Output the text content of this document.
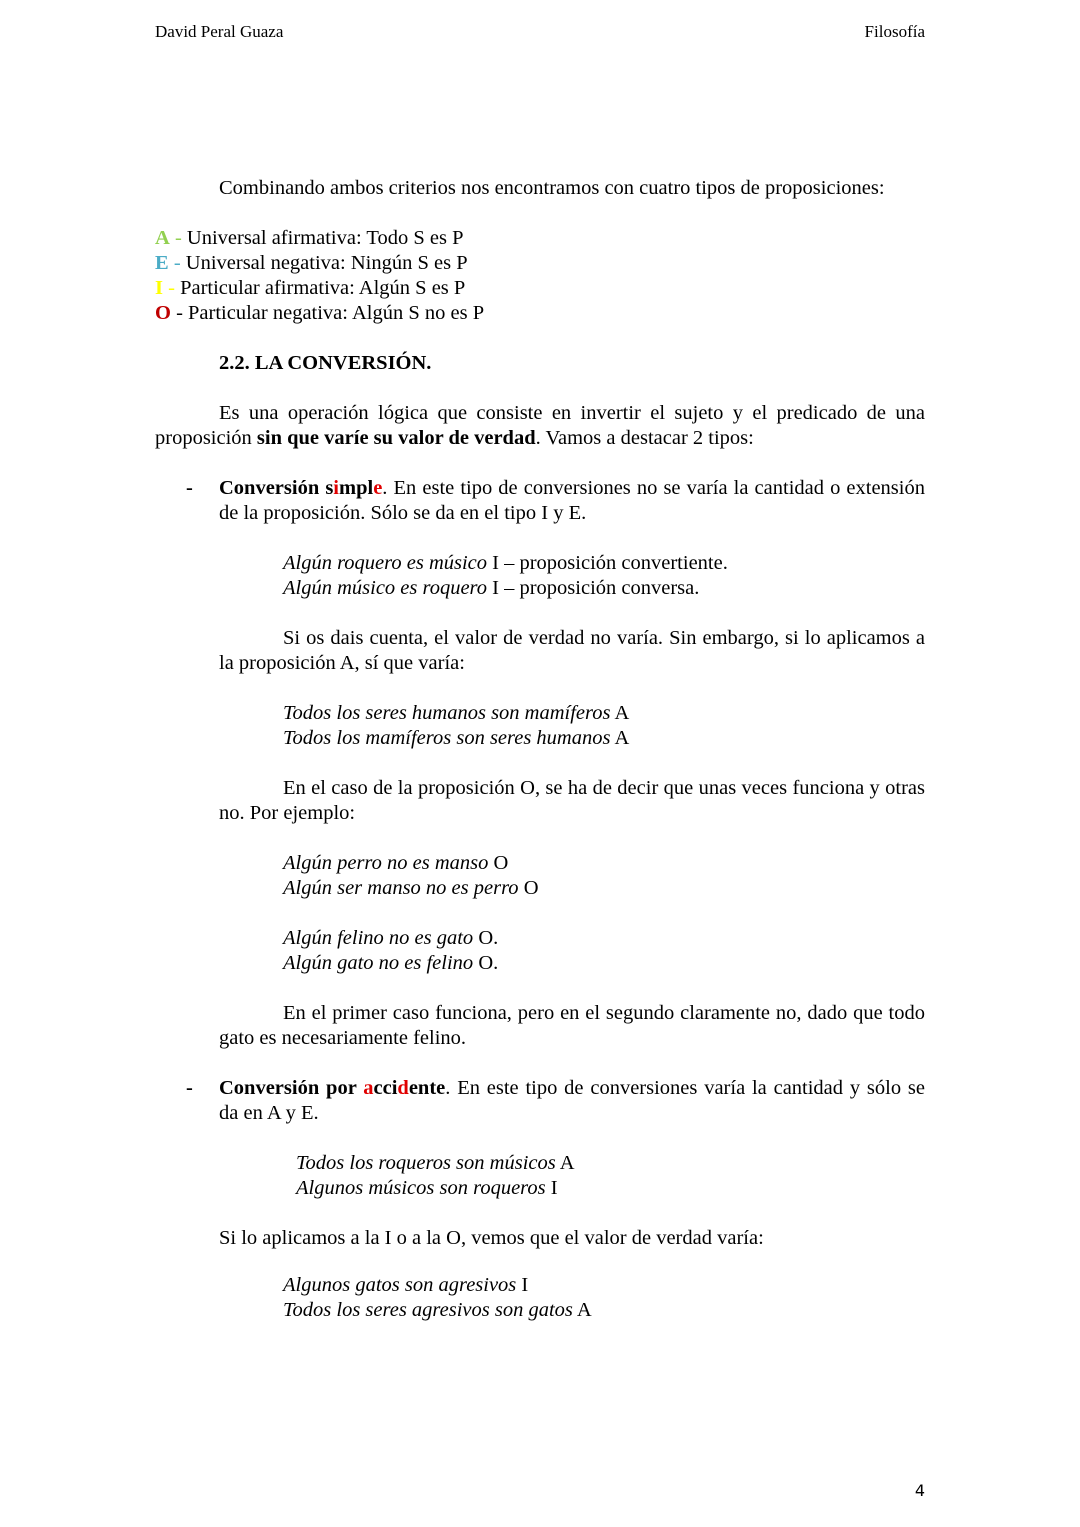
David Peral Guaza	Filosofía

Combinando ambos criterios nos encontramos con cuatro tipos de proposiciones:

A - Universal afirmativa: Todo S es P

E - Universal negativa: Ningún S es P

I - Particular afirmativa: Algún S es P

O - Particular negativa: Algún S no es P

2.2. LA CONVERSIÓN.

Es una operación lógica que consiste en invertir el sujeto y el predicado de una proposición sin que varíe su valor de verdad. Vamos a destacar 2 tipos:

- Conversión simple. En este tipo de conversiones no se varía la cantidad o extensión de la proposición. Sólo se da en el tipo I y E.

Algún roquero es músico I – proposición convertiente.

Algún músico es roquero I – proposición conversa.

Si os dais cuenta, el valor de verdad no varía. Sin embargo, si lo aplicamos a la proposición A, sí que varía:

Todos los seres humanos son mamíferos A

Todos los mamíferos son seres humanos A

En el caso de la proposición O, se ha de decir que unas veces funciona y otras no. Por ejemplo:

Algún perro no es manso O

Algún ser manso no es perro O

Algún felino no es gato O.

Algún gato no es felino O.

En el primer caso funciona, pero en el segundo claramente no, dado que todo gato es necesariamente felino.

- Conversión por accidente. En este tipo de conversiones varía la cantidad y sólo se da en A y E.

Todos los roqueros son músicos A

Algunos músicos son roqueros I

Si lo aplicamos a la I o a la O, vemos que el valor de verdad varía:

Algunos gatos son agresivos I

Todos los seres agresivos son gatos A

4
